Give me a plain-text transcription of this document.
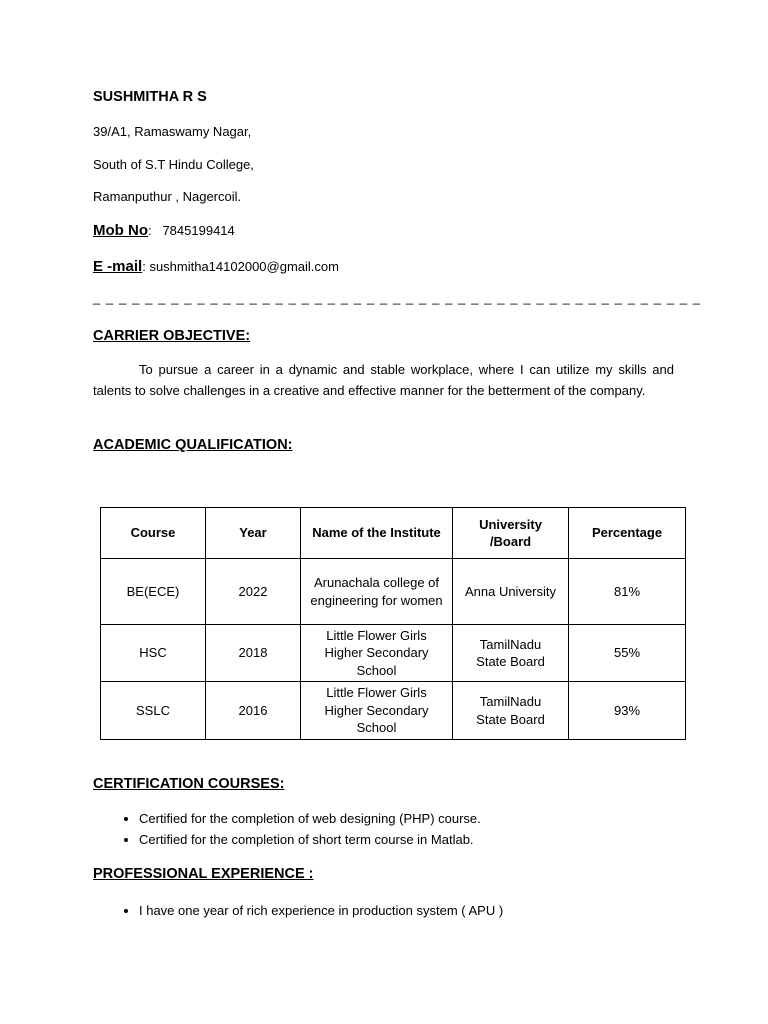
SUSHMITHA R S
39/A1, Ramaswamy Nagar,
South of S.T Hindu College,
Ramanputhur , Nagercoil.
Mob No: 7845199414
E -mail: sushmitha14102000@gmail.com
_ _ _ _ _ _ _ _ _ _ _ _ _ _ _ _ _ _ _ _ _ _ _ _ _ _ _ _ _ _ _ _ _ _ _ _ _ _ _ _ _ _ _ _ _ _ _
CARRIER OBJECTIVE:

To pursue a career in a dynamic and stable workplace, where I can utilize my skills and talents to solve challenges in a creative and effective manner for the betterment of the company.

ACADEMIC QUALIFICATION:
Course	Year	Name of the Institute	University /Board	Percentage
BE(ECE)	2022	Arunachala college of engineering for women	Anna University	81%
HSC	2018	Little Flower Girls Higher Secondary School	TamilNadu State Board	55%
SSLC	2016	Little Flower Girls Higher Secondary School	TamilNadu State Board	93%
CERTIFICATION COURSES:
• Certified for the completion of web designing (PHP) course.
• Certified for the completion of short term course in Matlab.
PROFESSIONAL EXPERIENCE :
• I have one year of rich experience in production system ( APU )
